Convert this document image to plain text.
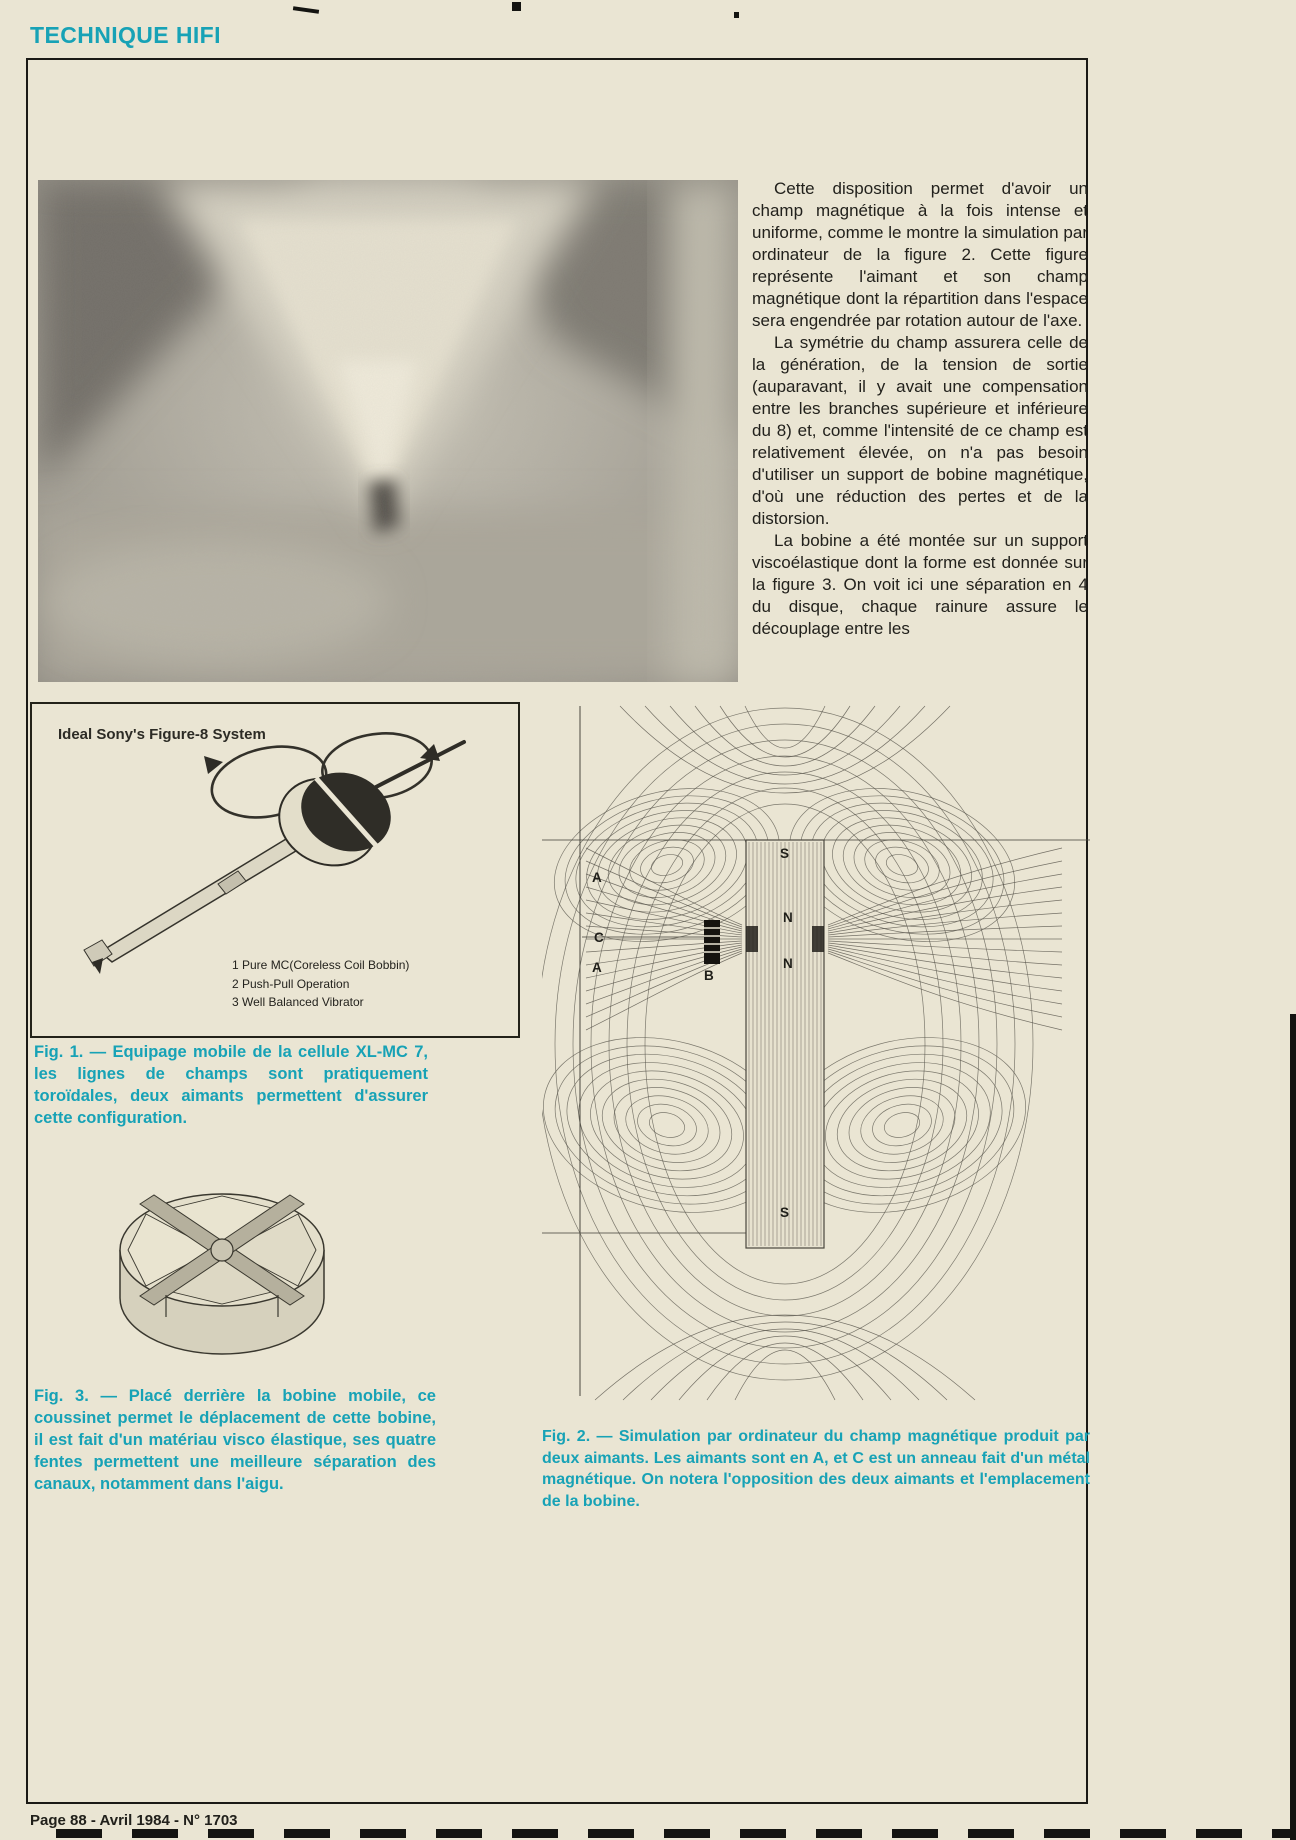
TECHNIQUE HIFI

Cette disposition permet d'avoir un champ magnétique à la fois intense et uniforme, comme le montre la simulation par ordinateur de la figure 2. Cette figure représente l'aimant et son champ magnétique dont la répartition dans l'espace sera engendrée par rotation autour de l'axe.

La symétrie du champ assurera celle de la génération, de la tension de sortie (auparavant, il y avait une compensation entre les branches supérieure et inférieure du 8) et, comme l'intensité de ce champ est relativement élevée, on n'a pas besoin d'utiliser un support de bobine magnétique, d'où une réduction des pertes et de la distorsion.

La bobine a été montée sur un support viscoélastique dont la forme est donnée sur la figure 3. On voit ici une séparation en 4 du disque, chaque rainure assure le découplage entre les

Ideal Sony's Figure-8 System
1 Pure MC(Coreless Coil Bobbin)
2 Push-Pull Operation
3 Well Balanced Vibrator
Fig. 1. — Equipage mobile de la cellule XL-MC 7, les lignes de champs sont pratiquement toroïdales, deux aimants permettent d'assurer cette configuration.
Fig. 3. — Placé derrière la bobine mobile, ce coussinet permet le déplacement de cette bobine, il est fait d'un matériau visco élastique, ses quatre fentes permettent une meilleure séparation des canaux, notamment dans l'aigu.
A
C
A
B
S
N
N
S
Fig. 2. — Simulation par ordinateur du champ magnétique produit par deux aimants. Les aimants sont en A, et C est un anneau fait d'un métal magnétique. On notera l'opposition des deux aimants et l'emplacement de la bobine.
Page 88 - Avril 1984 - N° 1703
